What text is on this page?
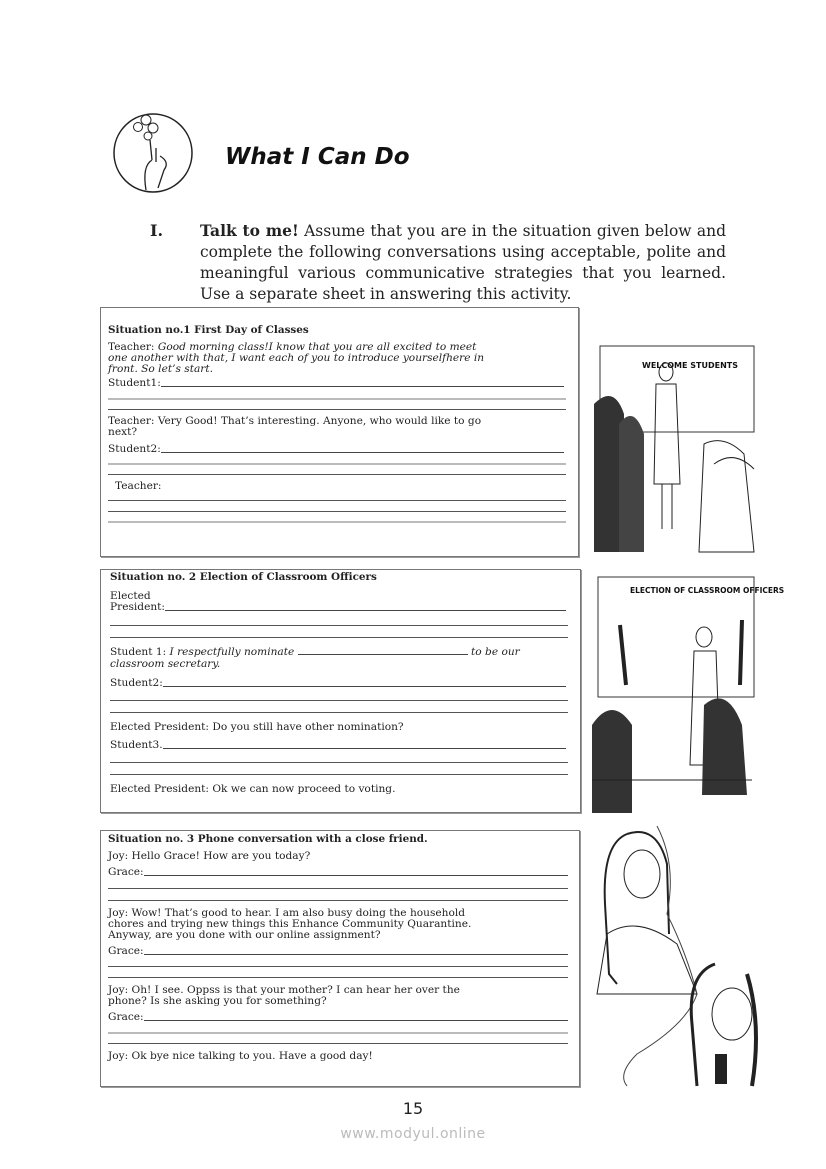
What I Can Do
I. Talk to me! Assume that you are in the situation given below and complete the following conversations using acceptable, polite and meaningful various communicative strategies that you learned. Use a separate sheet in answering this activity.
Situation no.1 First Day of Classes
Teacher: Good morning class!I know that you are all excited to meet
one another with that, I want each of you to introduce yourselfhere in
front. So let’s start.
Student1:
Teacher: Very Good! That’s interesting. Anyone, who would like to go
next?
Student2:
Teacher:
WELCOME STUDENTS
Situation no. 2 Election of Classroom Officers
Elected
President:
Student 1: I respectfully nominate	to be our
classroom secretary.
Student2:
Elected President: Do you still have other nomination?
Student3.
Elected President: Ok we can now proceed to voting.
ELECTION OF CLASSROOM OFFICERS
Situation no. 3 Phone conversation with a close friend.
Joy: Hello Grace! How are you today?
Grace:
Joy: Wow! That’s good to hear. I am also busy doing the household
chores and trying new things this Enhance Community Quarantine.
Anyway, are you done with our online assignment?
Grace:
Joy: Oh! I see. Oppss is that your mother? I can hear her over the
phone? Is she asking you for something?
Grace:
Joy: Ok bye nice talking to you. Have a good day!
15
www.modyul.online
